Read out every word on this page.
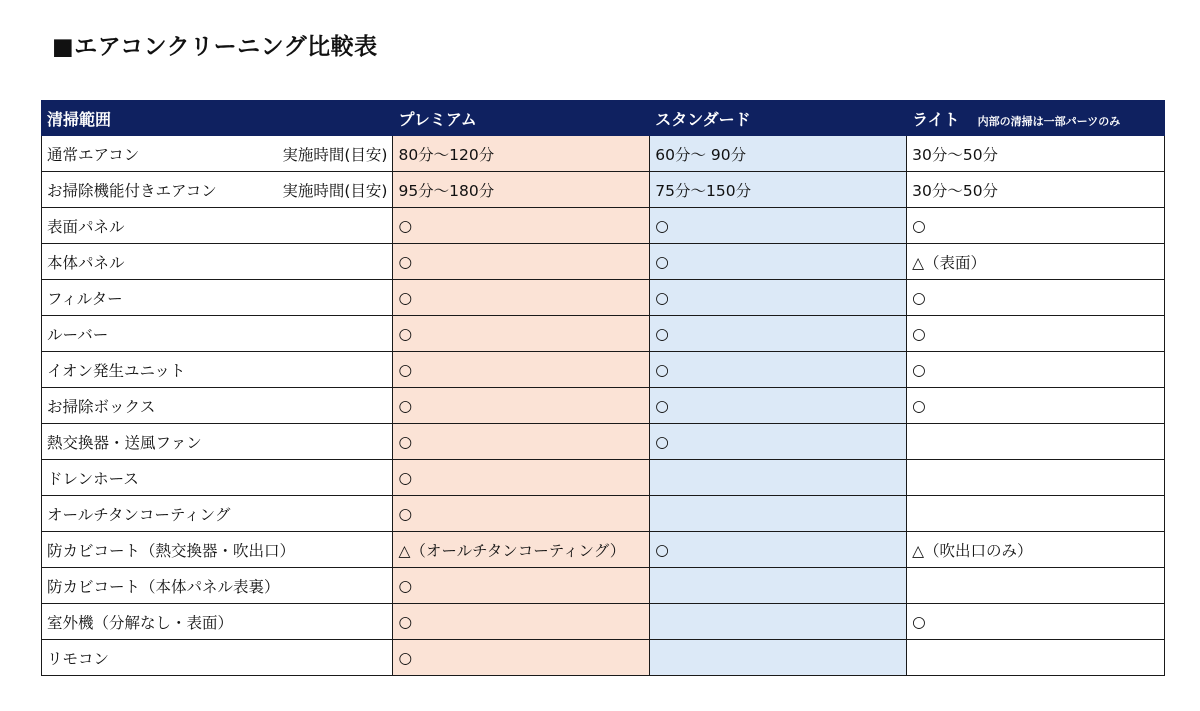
■エアコンクリーニング比較表
清掃範囲	プレミアム	スタンダード	ライト 内部の清掃は一部パーツのみ

通常エアコン 実施時間(目安)	80分～120分	60分～ 90分	30分～50分

お掃除機能付きエアコン 実施時間(目安)	95分～180分	75分～150分	30分～50分
表面パネル	○	○	○
本体パネル	○	○	△（表面）
フィルター	○	○	○
ルーバー	○	○	○
イオン発生ユニット	○	○	○
お掃除ボックス	○	○	○
熱交換器・送風ファン	○	○	
ドレンホース	○		
オールチタンコーティング	○		
防カビコート（熱交換器・吹出口）	△（オールチタンコーティング）	○	△（吹出口のみ）
防カビコート（本体パネル表裏）	○		
室外機（分解なし・表面）	○		○
リモコン	○		
